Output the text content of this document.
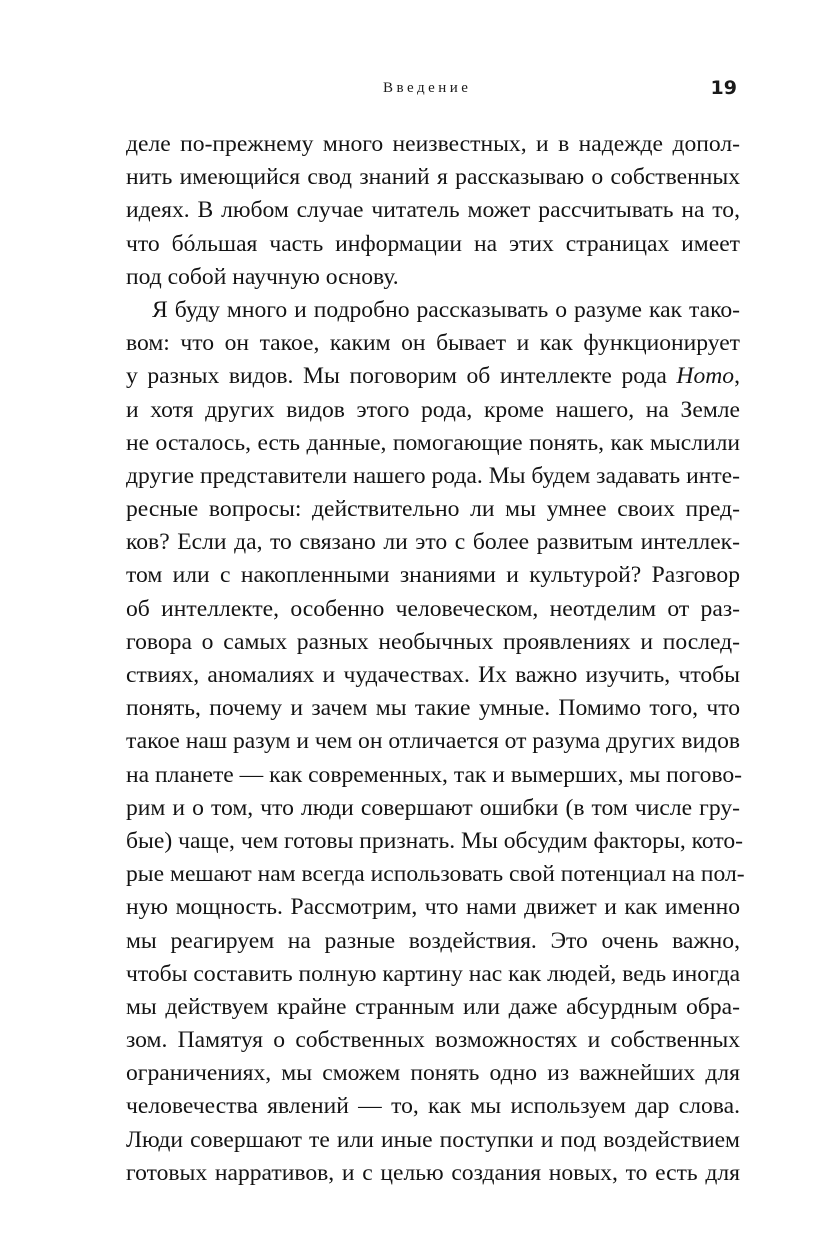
Введение	19
деле по-прежнему много неизвестных, и в надежде допол-
нить имеющийся свод знаний я рассказываю о собственных
идеях. В любом случае читатель может рассчитывать на то,
что бóльшая часть информации на этих страницах имеет
под собой научную основу.
Я буду много и подробно рассказывать о разуме как тако-
вом: что он такое, каким он бывает и как функционирует
у разных видов. Мы поговорим об интеллекте рода Homo,
и хотя других видов этого рода, кроме нашего, на Земле
не осталось, есть данные, помогающие понять, как мыслили
другие представители нашего рода. Мы будем задавать инте-
ресные вопросы: действительно ли мы умнее своих пред-
ков? Если да, то связано ли это с более развитым интеллек-
том или с накопленными знаниями и культурой? Разговор
об интеллекте, особенно человеческом, неотделим от раз-
говора о самых разных необычных проявлениях и послед-
ствиях, аномалиях и чудачествах. Их важно изучить, чтобы
понять, почему и зачем мы такие умные. Помимо того, что
такое наш разум и чем он отличается от разума других видов
на планете — как современных, так и вымерших, мы погово-
рим и о том, что люди совершают ошибки (в том числе гру-
бые) чаще, чем готовы признать. Мы обсудим факторы, кото-
рые мешают нам всегда использовать свой потенциал на пол-
ную мощность. Рассмотрим, что нами движет и как именно
мы реагируем на разные воздействия. Это очень важно,
чтобы составить полную картину нас как людей, ведь иногда
мы действуем крайне странным или даже абсурдным обра-
зом. Памятуя о собственных возможностях и собственных
ограничениях, мы сможем понять одно из важнейших для
человечества явлений — то, как мы используем дар слова.
Люди совершают те или иные поступки и под воздействием
готовых нарративов, и с целью создания новых, то есть для
